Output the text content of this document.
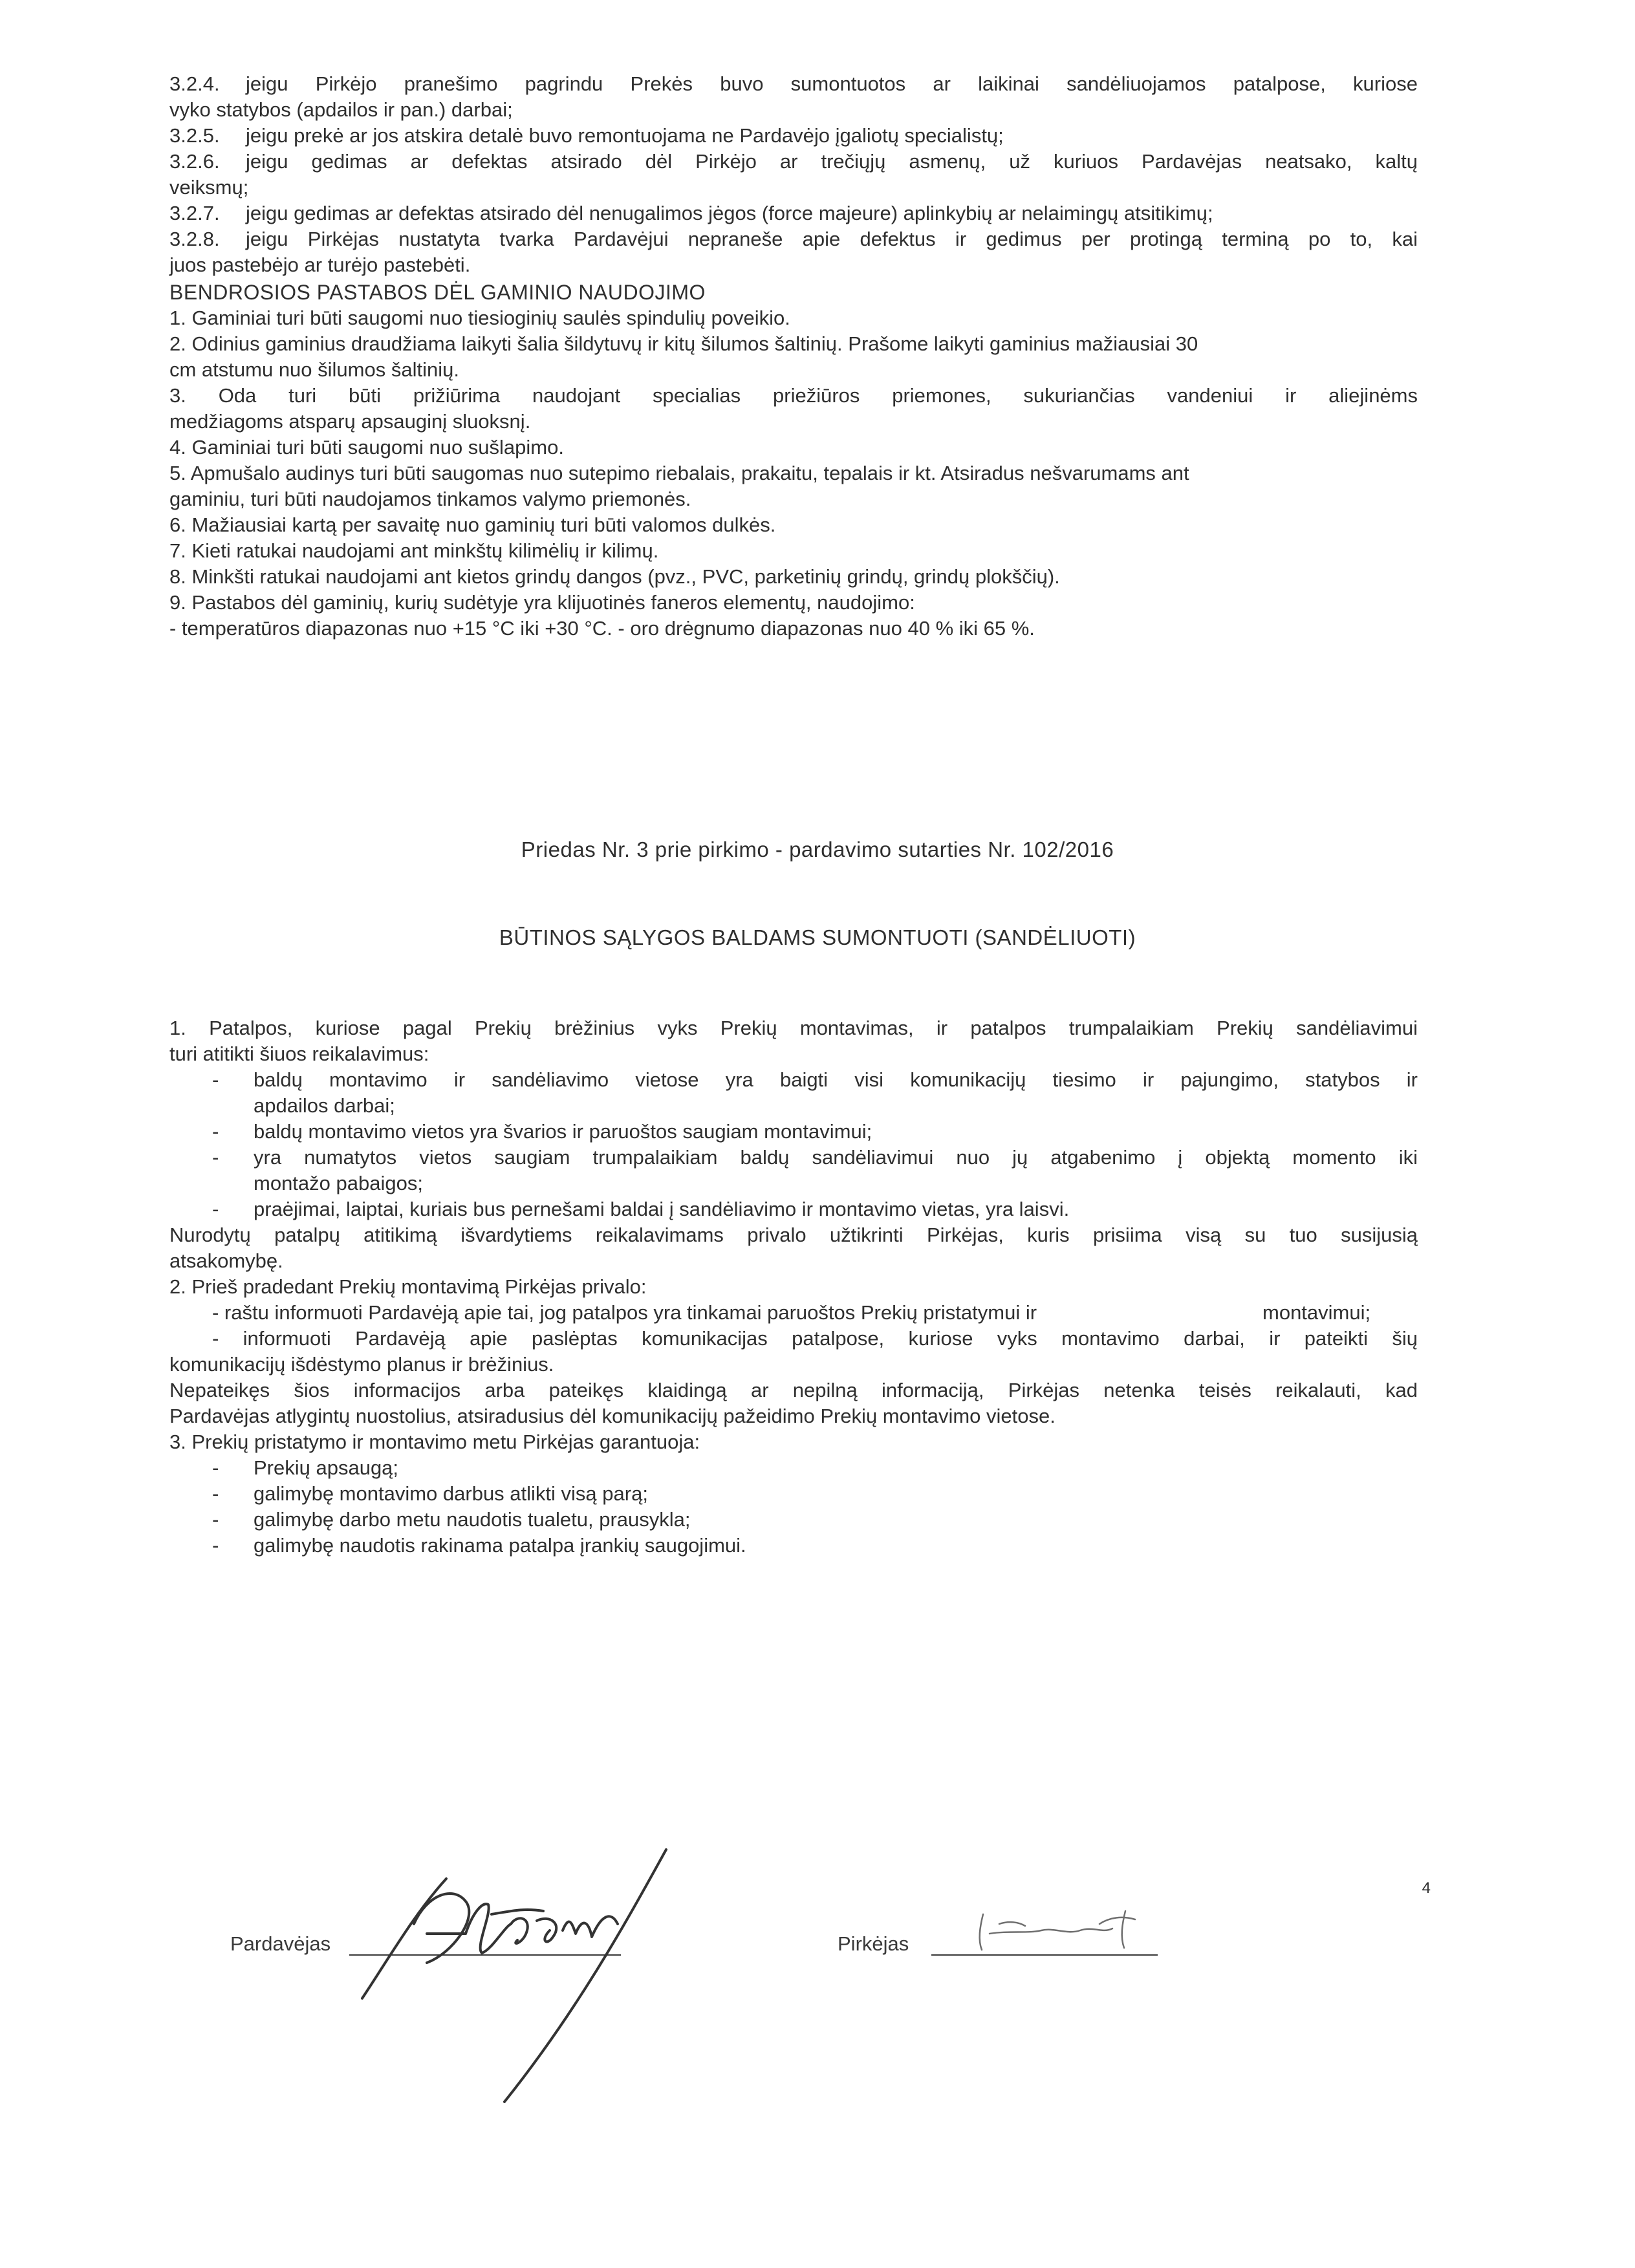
3.2.4. jeigu Pirkėjo pranešimo pagrindu Prekės buvo sumontuotos ar laikinai sandėliuojamos patalpose, kuriose
vyko statybos (apdailos ir pan.) darbai;
3.2.5. jeigu prekė ar jos atskira detalė buvo remontuojama ne Pardavėjo įgaliotų specialistų;
3.2.6. jeigu gedimas ar defektas atsirado dėl Pirkėjo ar trečiųjų asmenų, už kuriuos Pardavėjas neatsako, kaltų
veiksmų;
3.2.7. jeigu gedimas ar defektas atsirado dėl nenugalimos jėgos (force majeure) aplinkybių ar nelaimingų atsitikimų;
3.2.8. jeigu Pirkėjas nustatyta tvarka Pardavėjui nepraneše apie defektus ir gedimus per protingą terminą po to, kai
juos pastebėjo ar turėjo pastebėti.
BENDROSIOS PASTABOS DĖL GAMINIO NAUDOJIMO
1. Gaminiai turi būti saugomi nuo tiesioginių saulės spindulių poveikio.
2. Odinius gaminius draudžiama laikyti šalia šildytuvų ir kitų šilumos šaltinių. Prašome laikyti gaminius mažiausiai 30
cm atstumu nuo šilumos šaltinių.
3. Oda turi būti prižiūrima naudojant specialias priežiūros priemones, sukuriančias vandeniui ir aliejinėms
medžiagoms atsparų apsauginį sluoksnį.
4. Gaminiai turi būti saugomi nuo sušlapimo.
5. Apmušalo audinys turi būti saugomas nuo sutepimo riebalais, prakaitu, tepalais ir kt. Atsiradus nešvarumams ant
gaminiu, turi būti naudojamos tinkamos valymo priemonės.
6. Mažiausiai kartą per savaitę nuo gaminių turi būti valomos dulkės.
7. Kieti ratukai naudojami ant minkštų kilimėlių ir kilimų.
8. Minkšti ratukai naudojami ant kietos grindų dangos (pvz., PVC, parketinių grindų, grindų plokščių).
9. Pastabos dėl gaminių, kurių sudėtyje yra klijuotinės faneros elementų, naudojimo:
- temperatūros diapazonas nuo +15 °C iki +30 °C. - oro drėgnumo diapazonas nuo 40 % iki 65 %.
Priedas Nr. 3 prie pirkimo - pardavimo sutarties Nr. 102/2016
BŪTINOS SĄLYGOS BALDAMS SUMONTUOTI (SANDĖLIUOTI)
1. Patalpos, kuriose pagal Prekių brėžinius vyks Prekių montavimas, ir patalpos trumpalaikiam Prekių sandėliavimui
turi atitikti šiuos reikalavimus:
- baldų montavimo ir sandėliavimo vietose yra baigti visi komunikacijų tiesimo ir pajungimo, statybos ir
apdailos darbai;
- baldų montavimo vietos yra švarios ir paruoštos saugiam montavimui;
- yra numatytos vietos saugiam trumpalaikiam baldų sandėliavimui nuo jų atgabenimo į objektą momento iki
montažo pabaigos;
- praėjimai, laiptai, kuriais bus pernešami baldai į sandėliavimo ir montavimo vietas, yra laisvi.
Nurodytų patalpų atitikimą išvardytiems reikalavimams privalo užtikrinti Pirkėjas, kuris prisiima visą su tuo susijusią
atsakomybę.
2. Prieš pradedant Prekių montavimą Pirkėjas privalo:
- raštu informuoti Pardavėją apie tai, jog patalpos yra tinkamai paruoštos Prekių pristatymui ir	montavimui;
- informuoti Pardavėją apie paslėptas komunikacijas patalpose, kuriose vyks montavimo darbai, ir pateikti šių
komunikacijų išdėstymo planus ir brėžinius.
Nepateikęs šios informacijos arba pateikęs klaidingą ar nepilną informaciją, Pirkėjas netenka teisės reikalauti, kad
Pardavėjas atlygintų nuostolius, atsiradusius dėl komunikacijų pažeidimo Prekių montavimo vietose.
3. Prekių pristatymo ir montavimo metu Pirkėjas garantuoja:
- Prekių apsaugą;
- galimybę montavimo darbus atlikti visą parą;
- galimybę darbo metu naudotis tualetu, prausykla;
- galimybę naudotis rakinama patalpa įrankių saugojimui.
Pardavėjas	Pirkėjas
4
